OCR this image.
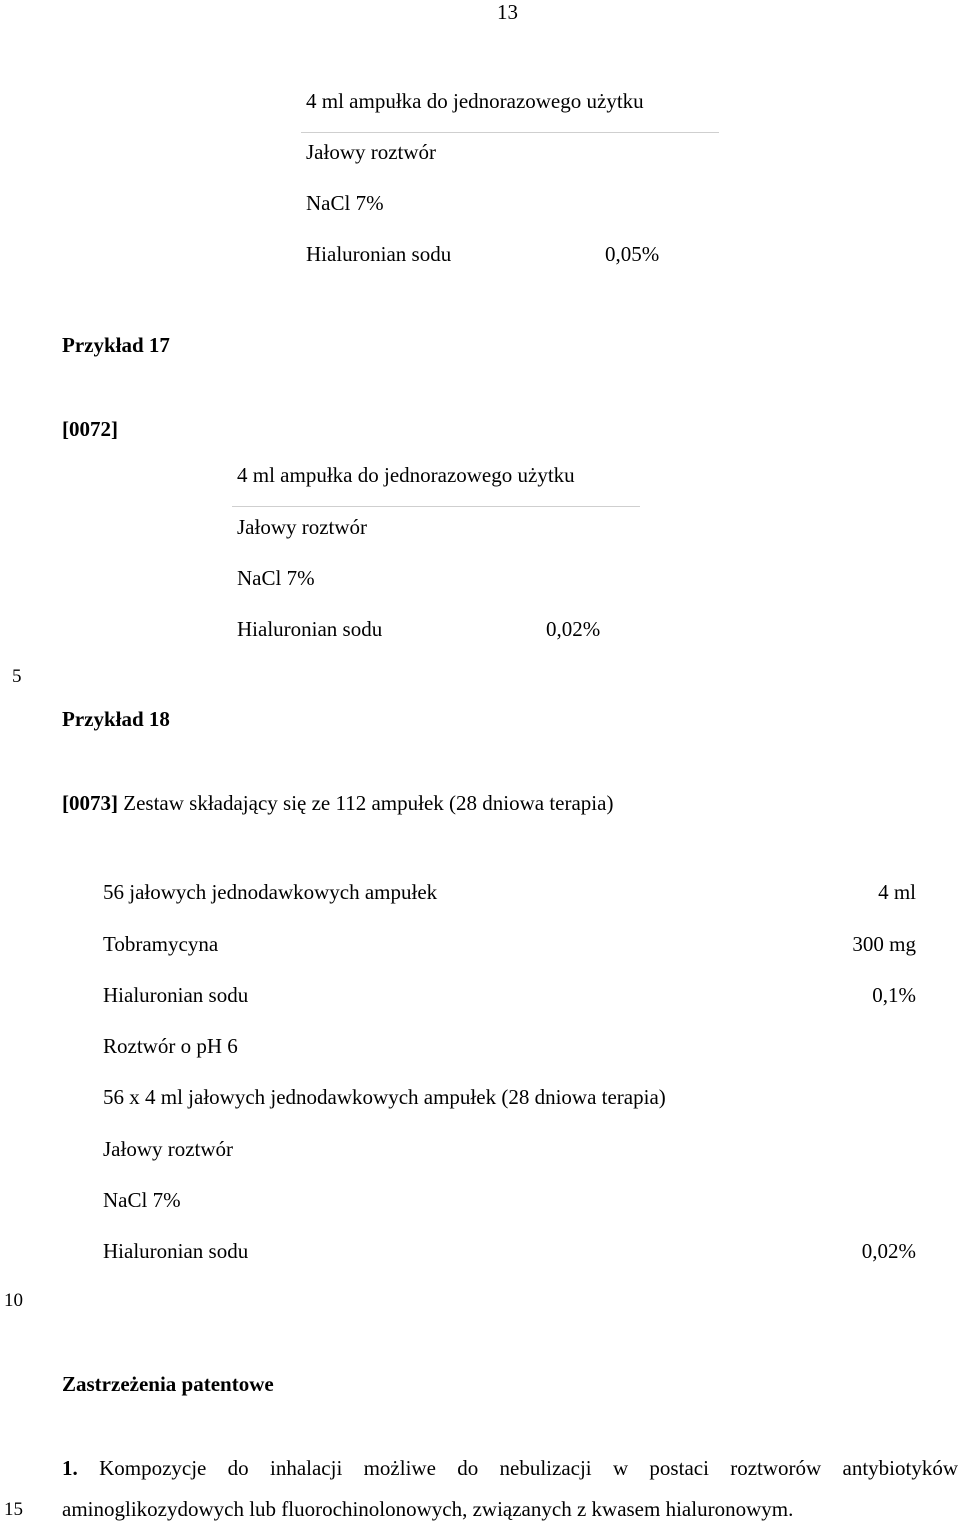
13
5
10
15
4 ml ampułka do jednorazowego użytku
Jałowy roztwór
NaCl 7%
Hialuronian sodu	0,05%
Przykład 17
[0072]
4 ml ampułka do jednorazowego użytku
Jałowy roztwór
NaCl 7%
Hialuronian sodu	0,02%
Przykład 18
[0073] Zestaw składający się ze 112 ampułek (28 dniowa terapia)
56 jałowych jednodawkowych ampułek	4 ml
Tobramycyna	300 mg
Hialuronian sodu	0,1%
Roztwór o pH 6
56 x 4 ml jałowych jednodawkowych ampułek (28 dniowa terapia)
Jałowy roztwór
NaCl 7%
Hialuronian sodu	0,02%
Zastrzeżenia patentowe
1. Kompozycje do inhalacji możliwe do nebulizacji w postaci roztworów antybiotyków
aminoglikozydowych lub fluorochinolonowych, związanych z kwasem hialuronowym.
